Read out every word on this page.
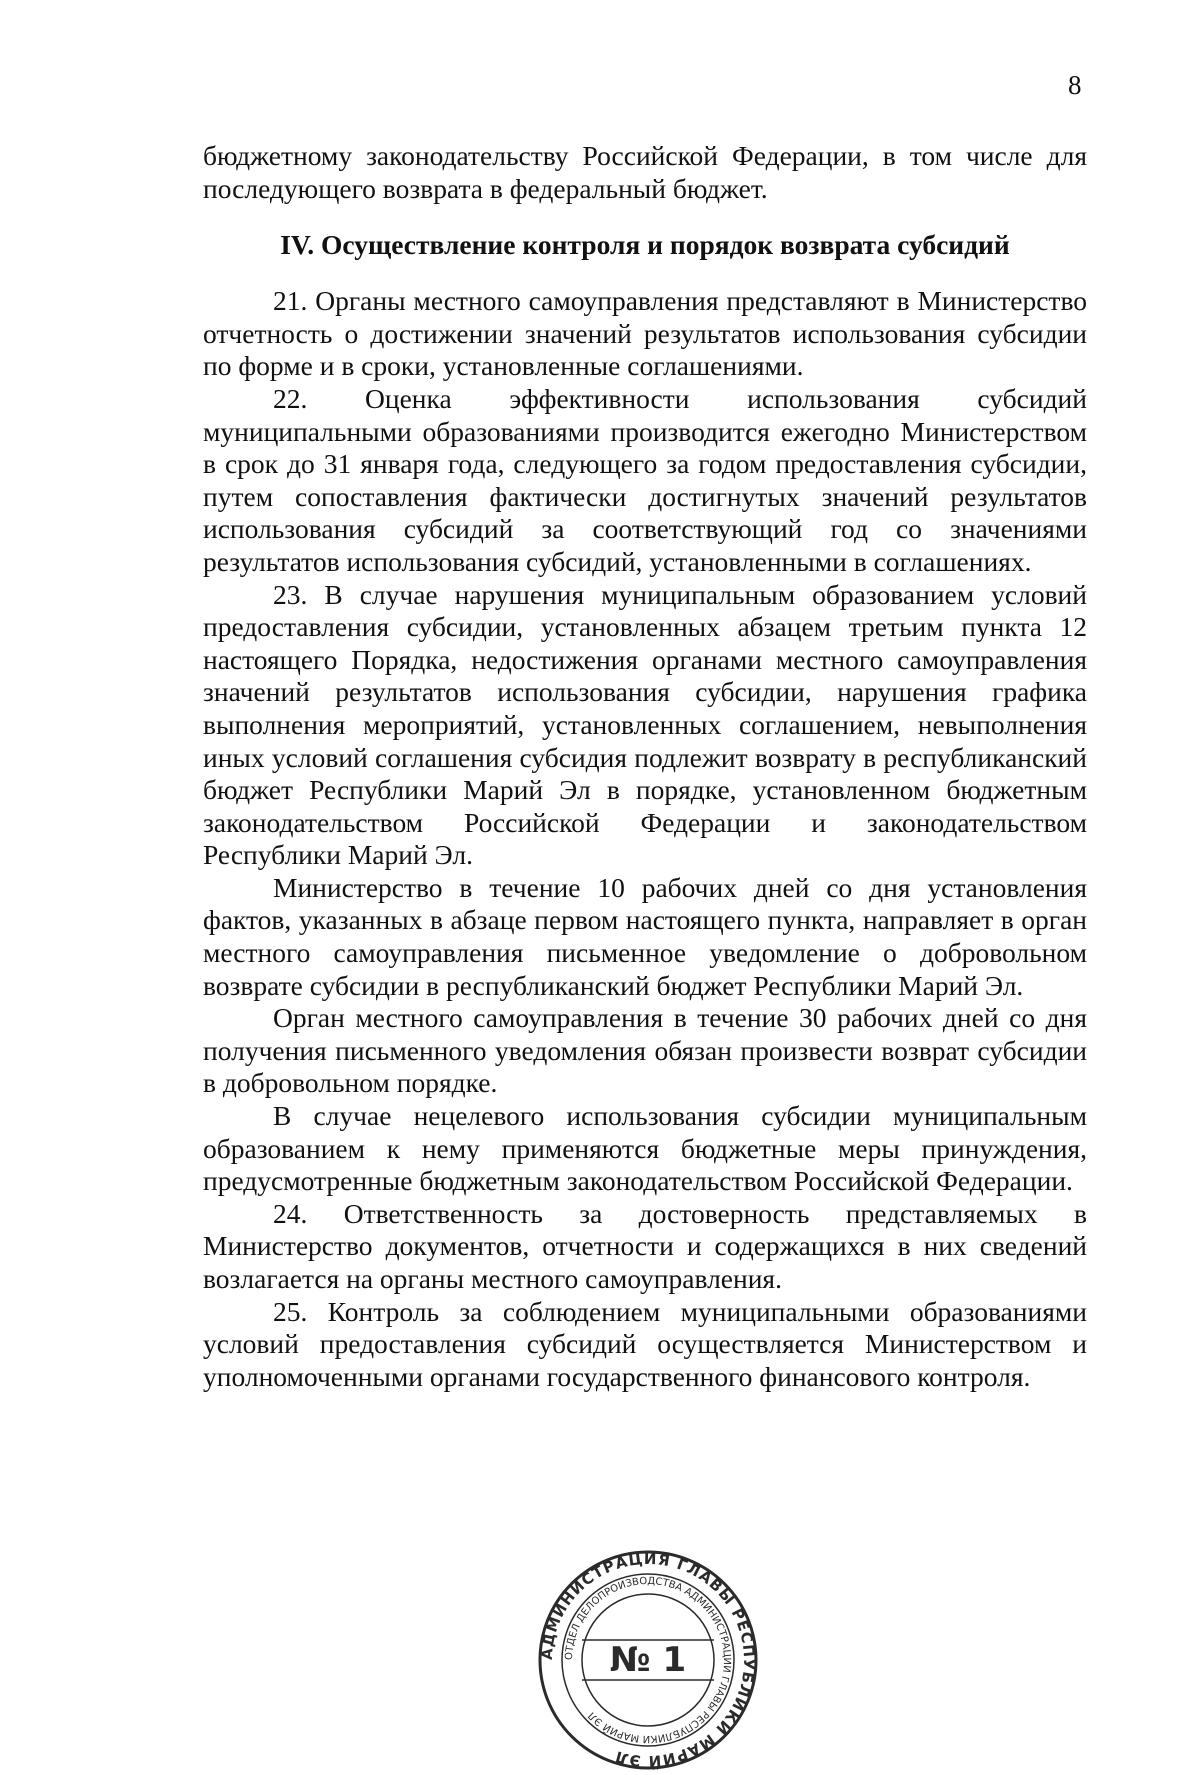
8

бюджетному законодательству Российской Федерации, в том числе для последующего возврата в федеральный бюджет.

IV. Осуществление контроля и порядок возврата субсидий

21. Органы местного самоуправления представляют в Министерство отчетность о достижении значений результатов использования субсидии по форме и в сроки, установленные соглашениями.

22. Оценка эффективности использования субсидий муниципальными образованиями производится ежегодно Министерством в срок до 31 января года, следующего за годом предоставления субсидии, путем сопоставления фактически достигнутых значений результатов использования субсидий за соответствующий год со значениями результатов использования субсидий, установленными в соглашениях.

23. В случае нарушения муниципальным образованием условий предоставления субсидии, установленных абзацем третьим пункта 12 настоящего Порядка, недостижения органами местного самоуправления значений результатов использования субсидии, нарушения графика выполнения мероприятий, установленных соглашением, невыполнения иных условий соглашения субсидия подлежит возврату в республиканский бюджет Республики Марий Эл в порядке, установленном бюджетным законодательством Российской Федерации и законодательством Республики Марий Эл.

Министерство в течение 10 рабочих дней со дня установления фактов, указанных в абзаце первом настоящего пункта, направляет в орган местного самоуправления письменное уведомление о добровольном возврате субсидии в республиканский бюджет Республики Марий Эл.

Орган местного самоуправления в течение 30 рабочих дней со дня получения письменного уведомления обязан произвести возврат субсидии в добровольном порядке.

В случае нецелевого использования субсидии муниципальным образованием к нему применяются бюджетные меры принуждения, предусмотренные бюджетным законодательством Российской Федерации.

24. Ответственность за достоверность представляемых в Министерство документов, отчетности и содержащихся в них сведений возлагается на органы местного самоуправления.

25. Контроль за соблюдением муниципальными образованиями условий предоставления субсидий осуществляется Министерством и уполномоченными органами государственного финансового контроля.

АДМИНИСТРАЦИЯ ГЛАВЫ РЕСПУБЛИКИ МАРИЙ ЭЛ
ОТДЕЛ ДЕЛОПРОИЗВОДСТВА АДМИНИСТРАЦИИ ГЛАВЫ РЕСПУБЛИКИ МАРИЙ ЭЛ
№ 1
